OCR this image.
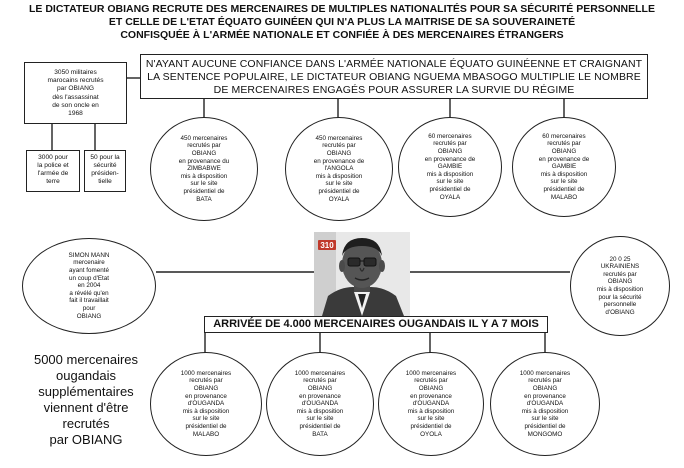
LE DICTATEUR OBIANG RECRUTE DES MERCENAIRES DE MULTIPLES NATIONALITÉS POUR SA SÉCURITÉ PERSONNELLE
ET CELLE DE L'ETAT ÉQUATO GUINÉEN QUI N'A PLUS LA MAITRISE DE SA SOUVERAINETÉ
CONFISQUÉE À L'ARMÉE NATIONALE ET CONFIÉE À DES MERCENAIRES ÉTRANGERS
3050 militaires
marocains recrutés
par OBIANG
dès l'assassinat
de son oncle en
1968
3000 pour
la police et
l'armée de
terre
50 pour la
sécurité
présiden-
tielle
N'AYANT AUCUNE CONFIANCE DANS L'ARMÉE NATIONALE ÉQUATO GUINÉENNE ET CRAIGNANT
LA SENTENCE POPULAIRE, LE DICTATEUR OBIANG NGUEMA MBASOGO MULTIPLIE LE NOMBRE
DE MERCENAIRES ENGAGÉS POUR ASSURER LA SURVIE DU RÉGIME
450 mercenaires
recrutés par
OBIANG
en provenance du
ZIMBABWE
mis à disposition
sur le site
présidentiel de
BATA
450 mercenaires
recrutés par
OBIANG
en provenance de
l'ANGOLA
mis à disposition
sur le site
présidentiel de
OYALA
60 mercenaires
recrutés par
OBIANG
en provenance de
GAMBIE
mis à disposition
sur le site
présidentiel de
OYALA
60 mercenaires
recrutés par
OBIANG
en provenance de
GAMBIE
mis à disposition
sur le site
présidentiel de
MALABO
SIMON MANN
mercenaire
ayant fomenté
un coup d'Etat
en 2004
a révélé qu'en
fait il travaillait
pour
OBIANG
20 0 25
UKRAINIENS
recrutés par
OBIANG
mis à disposition
pour la sécurité
personnelle
d'OBIANG
310
ARRIVÉE DE 4.000 MERCENAIRES OUGANDAIS IL Y A 7 MOIS
5000 mercenaires
ougandais
supplémentaires
viennent d'être
recrutés
par OBIANG
1000 mercenaires
recrutés par
OBIANG
en provenance
d'OUGANDA
mis à disposition
sur le site
présidentiel de
MALABO
1000 mercenaires
recrutés par
OBIANG
en provenance
d'OUGANDA
mis à disposition
sur le site
présidentiel de
BATA
1000 mercenaires
recrutés par
OBIANG
en provenance
d'OUGANDA
mis à disposition
sur le site
présidentiel de
OYOLA
1000 mercenaires
recrutés par
OBIANG
en provenance
d'OUGANDA
mis à disposition
sur le site
présidentiel de
MONGOMO
